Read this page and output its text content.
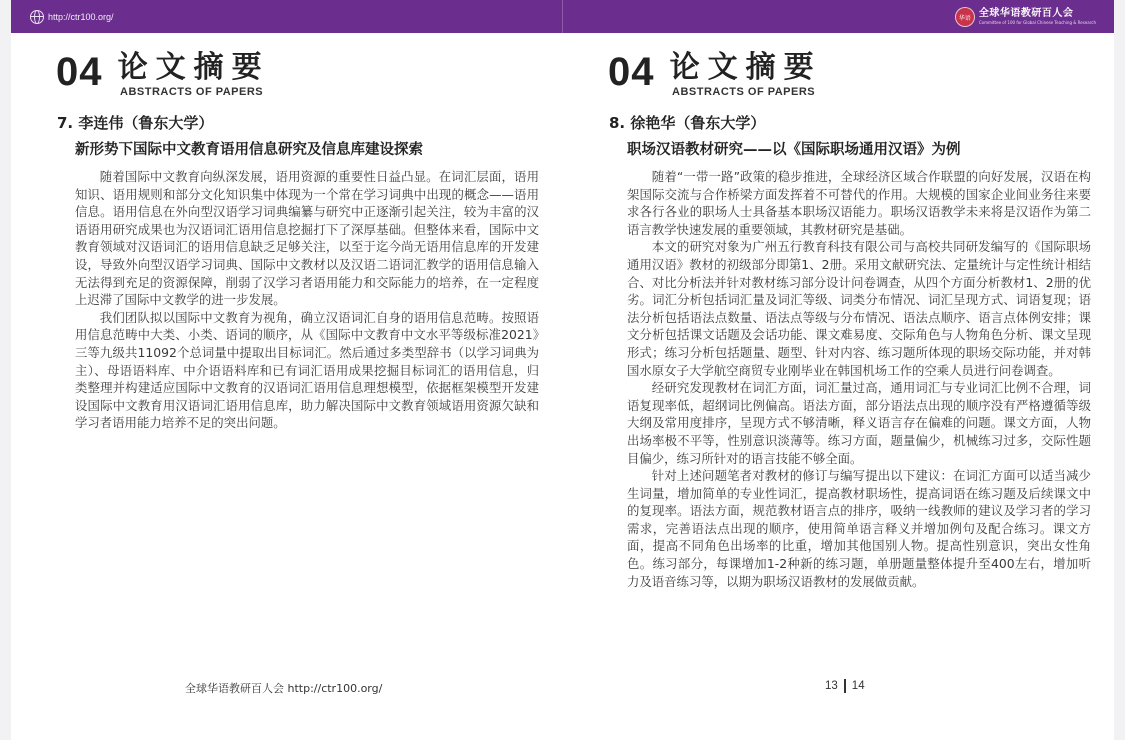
http://ctr100.org/	华语 全球华语教研百人会
Committee of 100 for Global Chinese Teaching & Research
04 论文摘要
ABSTRACTS OF PAPERS
7. 李连伟（鲁东大学）
新形势下国际中文教育语用信息研究及信息库建设探索

随着国际中文教育向纵深发展，语用资源的重要性日益凸显。在词汇层面，语用知识、语用规则和部分文化知识集中体现为一个常在学习词典中出现的概念——语用信息。语用信息在外向型汉语学习词典编纂与研究中正逐渐引起关注，较为丰富的汉语语用研究成果也为汉语词汇语用信息挖掘打下了深厚基础。但整体来看，国际中文教育领域对汉语词汇的语用信息缺乏足够关注，以至于迄今尚无语用信息库的开发建设，导致外向型汉语学习词典、国际中文教材以及汉语二语词汇教学的语用信息输入无法得到充足的资源保障，削弱了汉学习者语用能力和交际能力的培养，在一定程度上迟滞了国际中文教学的进一步发展。

我们团队拟以国际中文教育为视角，确立汉语词汇自身的语用信息范畴。按照语用信息范畴中大类、小类、语词的顺序，从《国际中文教育中文水平等级标准2021》三等九级共11092个总词量中提取出目标词汇。然后通过多类型辞书（以学习词典为主）、母语语料库、中介语语料库和已有词汇语用成果挖掘目标词汇的语用信息，归类整理并构建适应国际中文教育的汉语词汇语用信息理想模型，依据框架模型开发建设国际中文教育用汉语词汇语用信息库，助力解决国际中文教育领域语用资源欠缺和学习者语用能力培养不足的突出问题。

全球华语教研百人会 http://ctr100.org/
04 论文摘要
ABSTRACTS OF PAPERS
8. 徐艳华（鲁东大学）
职场汉语教材研究——以《国际职场通用汉语》为例

随着“一带一路”政策的稳步推进，全球经济区域合作联盟的向好发展，汉语在构架国际交流与合作桥梁方面发挥着不可替代的作用。大规模的国家企业间业务往来要求各行各业的职场人士具备基本职场汉语能力。职场汉语教学未来将是汉语作为第二语言教学快速发展的重要领域，其教材研究是基础。

本文的研究对象为广州五行教育科技有限公司与高校共同研发编写的《国际职场通用汉语》教材的初级部分即第1、2册。采用文献研究法、定量统计与定性统计相结合、对比分析法并针对教材练习部分设计问卷调查，从四个方面分析教材1、2册的优劣。词汇分析包括词汇量及词汇等级、词类分布情况、词汇呈现方式、词语复现；语法分析包括语法点数量、语法点等级与分布情况、语法点顺序、语言点体例安排；课文分析包括课文话题及会话功能、课文难易度、交际角色与人物角色分析、课文呈现形式；练习分析包括题量、题型、针对内容、练习题所体现的职场交际功能，并对韩国水原女子大学航空商贸专业刚毕业在韩国机场工作的空乘人员进行问卷调查。

经研究发现教材在词汇方面，词汇量过高，通用词汇与专业词汇比例不合理，词语复现率低，超纲词比例偏高。语法方面，部分语法点出现的顺序没有严格遵循等级大纲及常用度排序，呈现方式不够清晰，释义语言存在偏难的问题。课文方面，人物出场率极不平等，性别意识淡薄等。练习方面，题量偏少，机械练习过多，交际性题目偏少，练习所针对的语言技能不够全面。

针对上述问题笔者对教材的修订与编写提出以下建议：在词汇方面可以适当减少生词量，增加简单的专业性词汇，提高教材职场性，提高词语在练习题及后续课文中的复现率。语法方面，规范教材语言点的排序，吸纳一线教师的建议及学习者的学习需求，完善语法点出现的顺序，使用简单语言释义并增加例句及配合练习。课文方面，提高不同角色出场率的比重，增加其他国别人物。提高性别意识，突出女性角色。练习部分，每课增加1-2种新的练习题，单册题量整体提升至400左右，增加听力及语音练习等，以期为职场汉语教材的发展做贡献。

13 14
